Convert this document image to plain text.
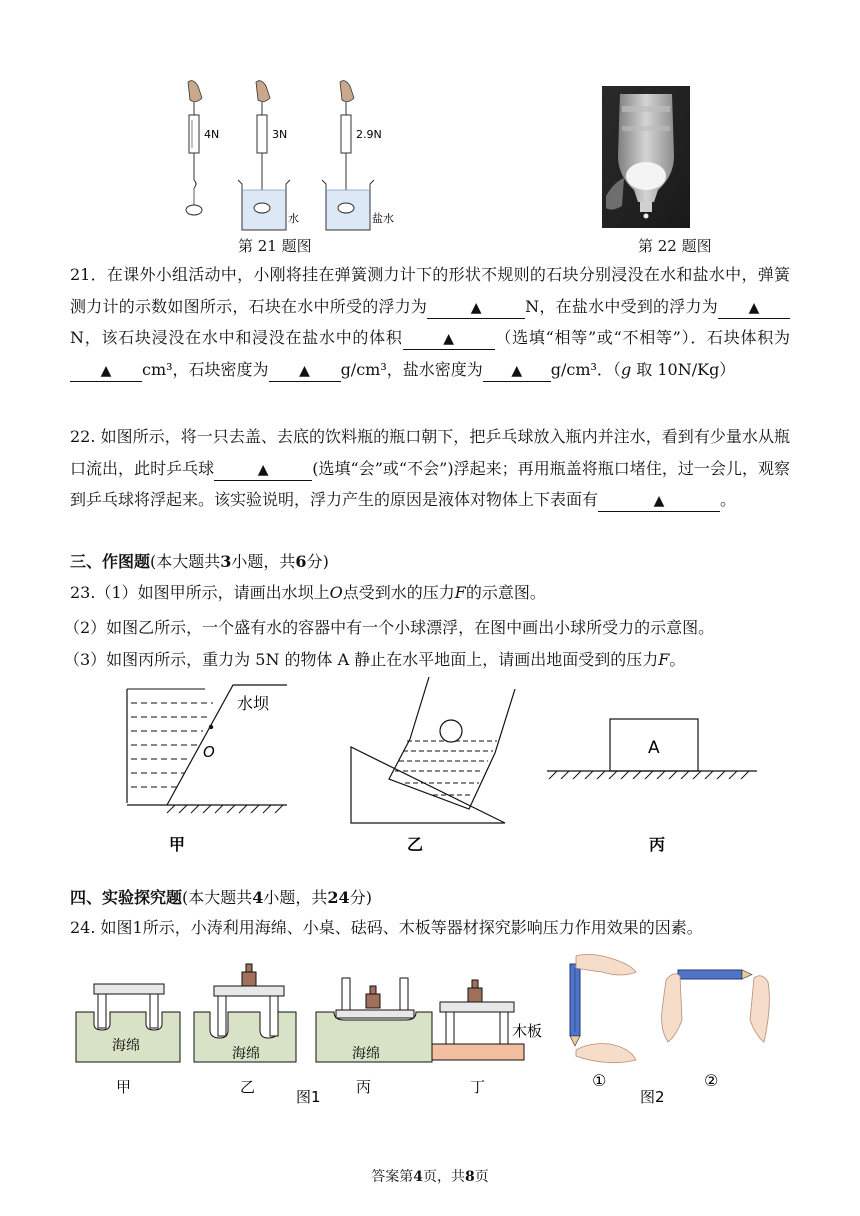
4N	3N
水
2.9N
盐水
第 21 题图	第 22 题图
21．在课外小组活动中，小刚将挂在弹簧测力计下的形状不规则的石块分别浸没在水和盐水中，弹簧测力计的示数如图所示，石块在水中所受的浮力为	▲	N，在盐水中受到的浮力为 ▲N，该石块浸没在水中和浸没在盐水中的体积	▲	（选填“相等”或“不相等”）．石块体积为▲ cm³，石块密度为 ▲ g/cm³，盐水密度为 ▲ g/cm³．（g 取 10N/Kg）
22. 如图所示，将一只去盖、去底的饮料瓶的瓶口朝下，把乒乓球放入瓶内并注水，看到有少量水从瓶口流出，此时乒乓球	▲	(选填“会”或“不会”)浮起来；再用瓶盖将瓶口堵住，过一会儿，观察到乒乓球将浮起来。该实验说明，浮力产生的原因是液体对物体上下表面有	▲	。
三、作图题(本大题共3小题，共6分)
23.（1）如图甲所示，请画出水坝上O点受到水的压力F的示意图。
（2）如图乙所示，一个盛有水的容器中有一个小球漂浮，在图中画出小球所受力的示意图。
（3）如图丙所示，重力为 5N 的物体 A 静止在水平地面上，请画出地面受到的压力F。
水坝
O	A
甲	乙	丙
四、实验探究题(本大题共4小题，共24分)
24. 如图1所示，小涛利用海绵、小桌、砝码、木板等器材探究影响压力作用效果的因素。
海绵	海绵	海绵
木板
甲	乙
图1
丙	丁	①
图2
②
答案第4页，共8页
